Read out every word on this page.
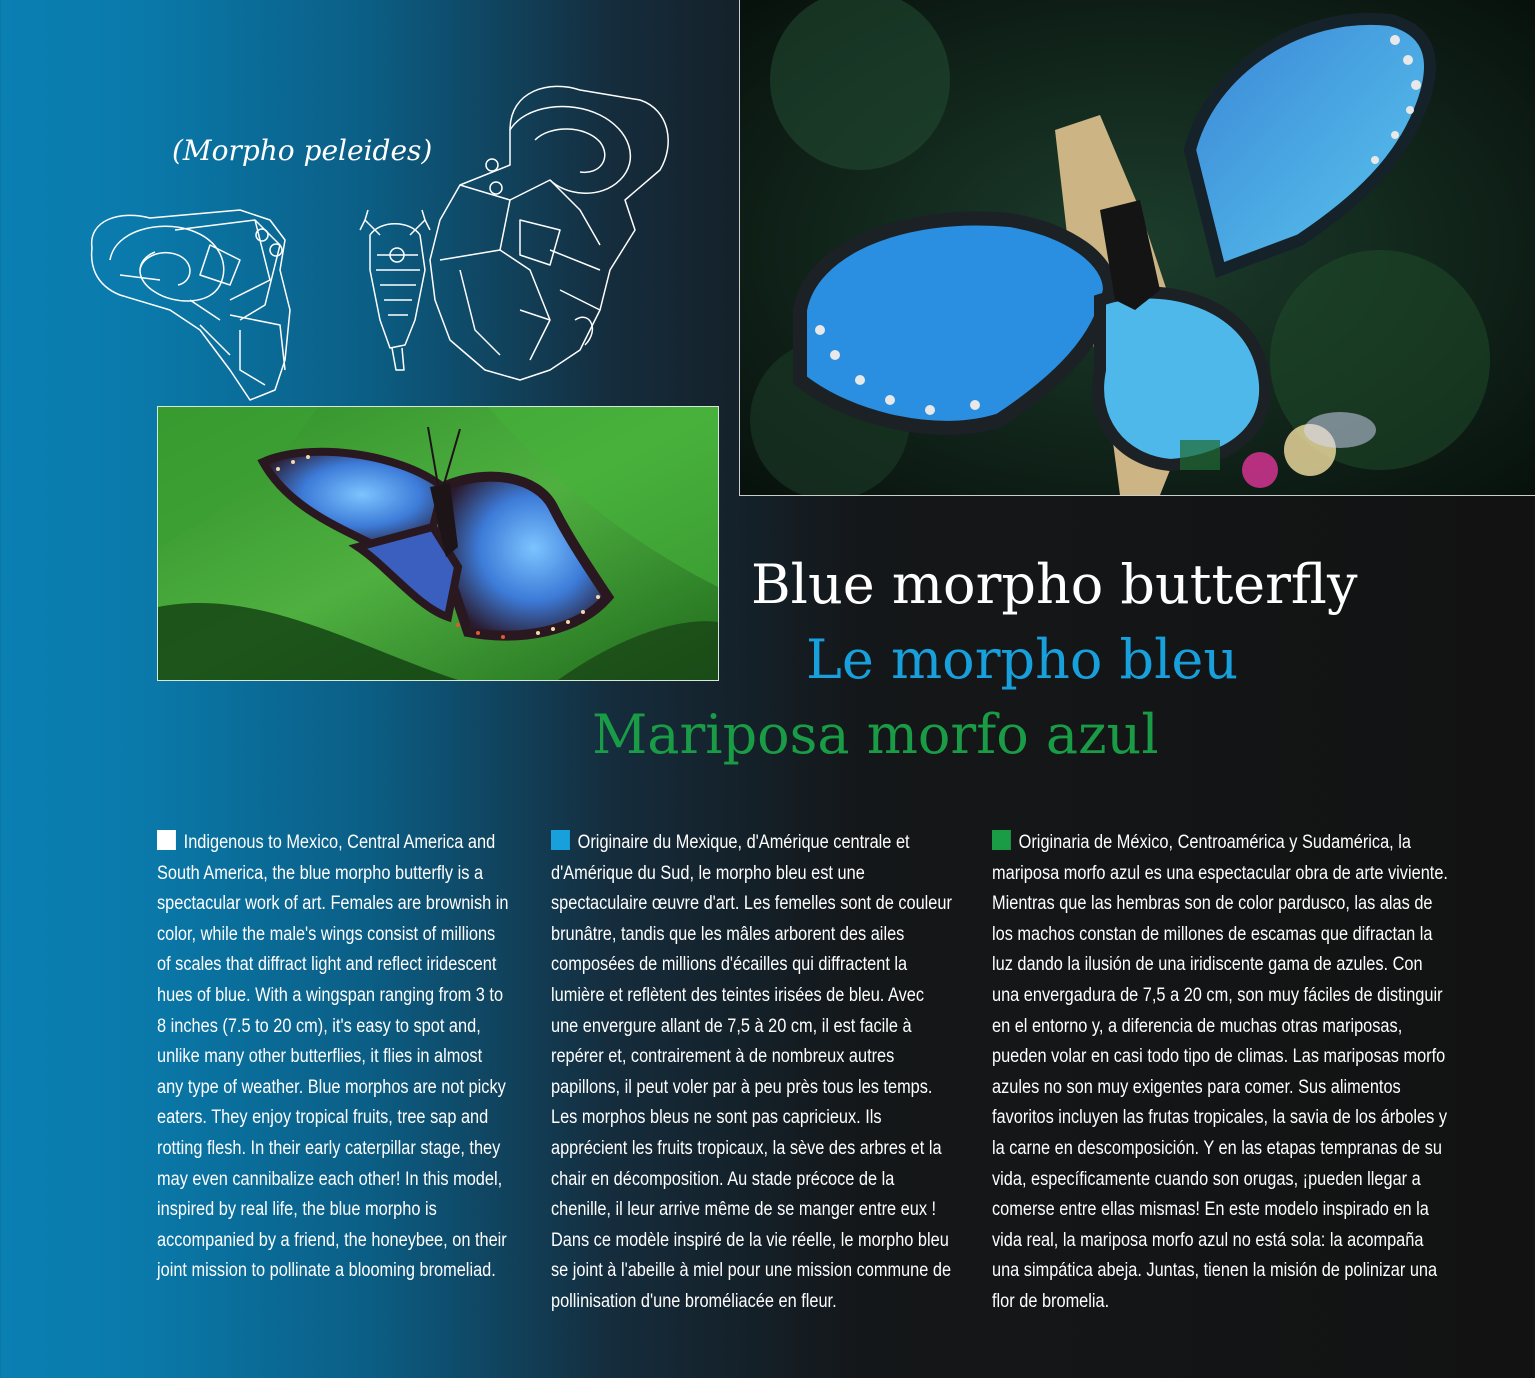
(Morpho peleides)
Blue morpho butterfly
Le morpho bleu
Mariposa morfo azul
Indigenous to Mexico, Central America and South America, the blue morpho butterfly is a spectacular work of art. Females are brownish in color, while the male's wings consist of millions of scales that diffract light and reflect iridescent hues of blue. With a wingspan ranging from 3 to 8 inches (7.5 to 20 cm), it's easy to spot and, unlike many other butterflies, it flies in almost any type of weather. Blue morphos are not picky eaters. They enjoy tropical fruits, tree sap and rotting flesh. In their early caterpillar stage, they may even cannibalize each other! In this model, inspired by real life, the blue morpho is accompanied by a friend, the honeybee, on their joint mission to pollinate a blooming bromeliad.
Originaire du Mexique, d'Amérique centrale et d'Amérique du Sud, le morpho bleu est une spectaculaire œuvre d'art. Les femelles sont de couleur brunâtre, tandis que les mâles arborent des ailes composées de millions d'écailles qui diffractent la lumière et reflètent des teintes irisées de bleu. Avec une envergure allant de 7,5 à 20 cm, il est facile à repérer et, contrairement à de nombreux autres papillons, il peut voler par à peu près tous les temps. Les morphos bleus ne sont pas capricieux. Ils apprécient les fruits tropicaux, la sève des arbres et la chair en décomposition. Au stade précoce de la chenille, il leur arrive même de se manger entre eux ! Dans ce modèle inspiré de la vie réelle, le morpho bleu se joint à l'abeille à miel pour une mission commune de pollinisation d'une broméliacée en fleur.
Originaria de México, Centroamérica y Sudamérica, la mariposa morfo azul es una espectacular obra de arte viviente. Mientras que las hembras son de color pardusco, las alas de los machos constan de millones de escamas que difractan la luz dando la ilusión de una iridiscente gama de azules. Con una envergadura de 7,5 a 20 cm, son muy fáciles de distinguir en el entorno y, a diferencia de muchas otras mariposas, pueden volar en casi todo tipo de climas. Las mariposas morfo azules no son muy exigentes para comer. Sus alimentos favoritos incluyen las frutas tropicales, la savia de los árboles y la carne en descomposición. Y en las etapas tempranas de su vida, específicamente cuando son orugas, ¡pueden llegar a comerse entre ellas mismas! En este modelo inspirado en la vida real, la mariposa morfo azul no está sola: la acompaña una simpática abeja. Juntas, tienen la misión de polinizar una flor de bromelia.
